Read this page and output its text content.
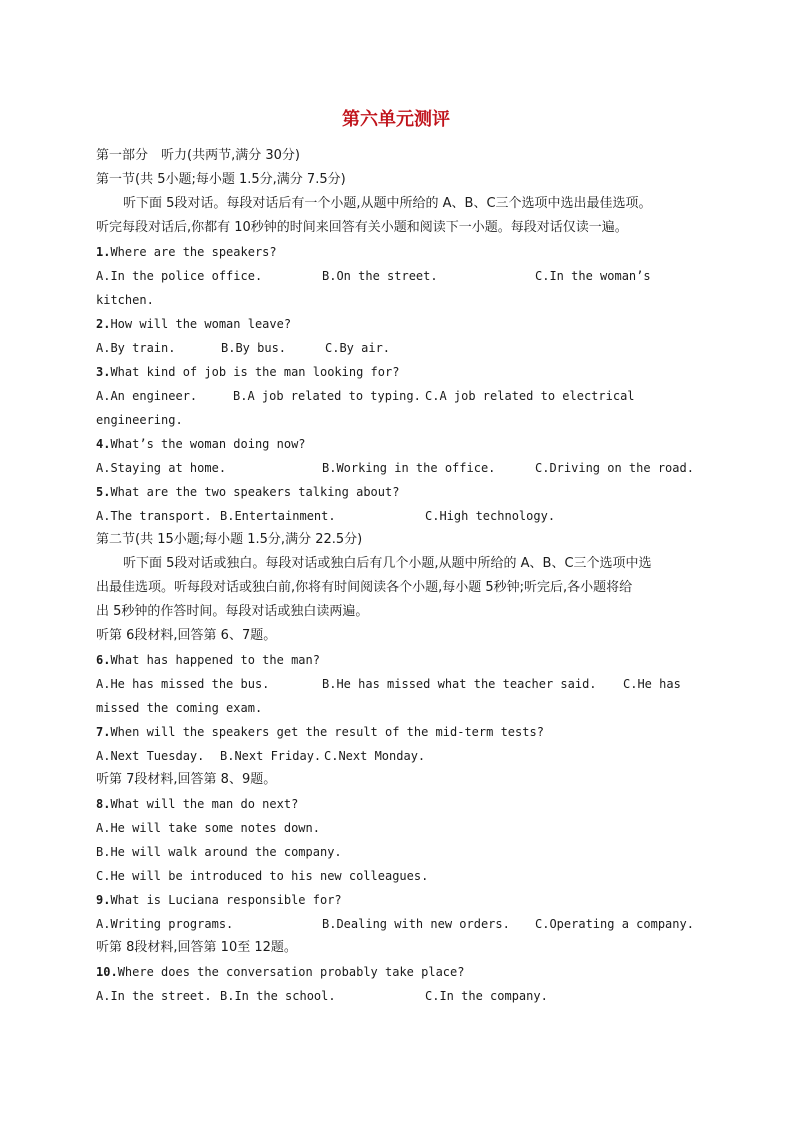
第六单元测评
第一部分　听力(共两节,满分 30分)
第一节(共 5小题;每小题 1.5分,满分 7.5分)
听下面 5段对话。每段对话后有一个小题,从题中所给的 A、B、C三个选项中选出最佳选项。
听完每段对话后,你都有 10秒钟的时间来回答有关小题和阅读下一小题。每段对话仅读一遍。
1.Where are the speakers?
A.In the police office.	B.On the street.	C.In the woman’s
kitchen.
2.How will the woman leave?
A.By train.	B.By bus.	C.By air.
3.What kind of job is the man looking for?
A.An engineer.	B.A job related to typing. C.A job related to electrical
engineering.
4.What’s the woman doing now?
A.Staying at home.	B.Working in the office.	C.Driving on the road.
5.What are the two speakers talking about?
A.The transport. B.Entertainment.	C.High technology.
第二节(共 15小题;每小题 1.5分,满分 22.5分)
听下面 5段对话或独白。每段对话或独白后有几个小题,从题中所给的 A、B、C三个选项中选
出最佳选项。听每段对话或独白前,你将有时间阅读各个小题,每小题 5秒钟;听完后,各小题将给
出 5秒钟的作答时间。每段对话或独白读两遍。
听第 6段材料,回答第 6、7题。
6.What has happened to the man?
A.He has missed the bus.	B.He has missed what the teacher said. C.He has
missed the coming exam.
7.When will the speakers get the result of the mid-term tests?
A.Next Tuesday. B.Next Friday. C.Next Monday.
听第 7段材料,回答第 8、9题。
8.What will the man do next?
A.He will take some notes down.
B.He will walk around the company.
C.He will be introduced to his new colleagues.
9.What is Luciana responsible for?
A.Writing programs.	B.Dealing with new orders. C.Operating a company.
听第 8段材料,回答第 10至 12题。
10.Where does the conversation probably take place?
A.In the street. B.In the school.	C.In the company.
